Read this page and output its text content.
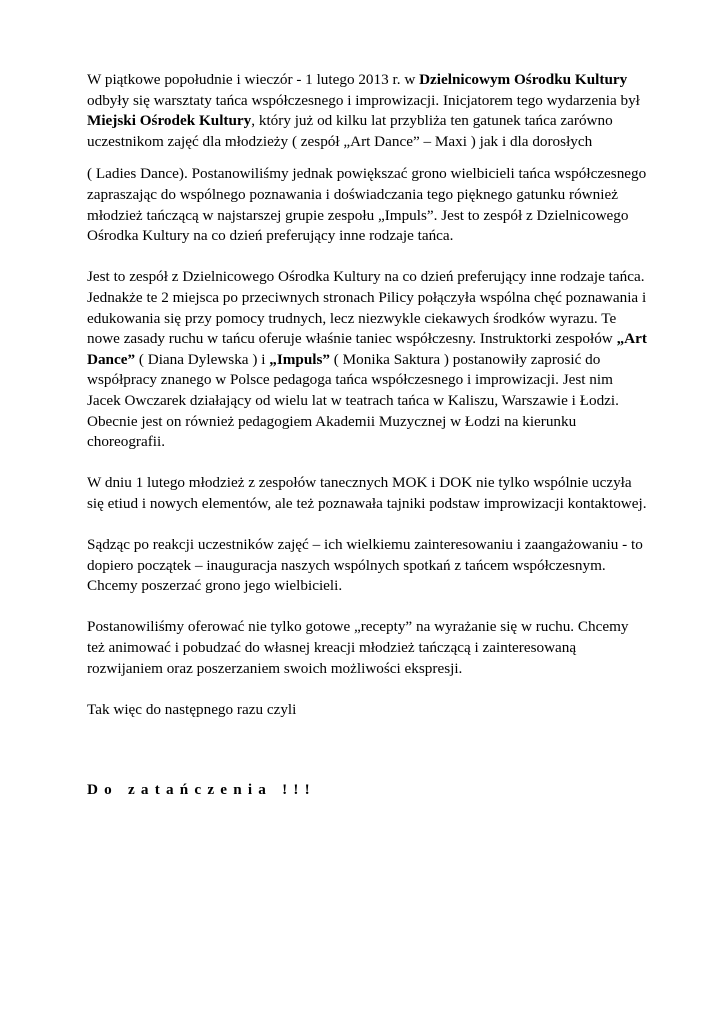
W piątkowe popołudnie i wieczór - 1 lutego 2013 r. w Dzielnicowym Ośrodku Kultury odbyły się warsztaty tańca współczesnego i improwizacji. Inicjatorem tego wydarzenia był Miejski Ośrodek Kultury, który już od kilku lat przybliża ten gatunek tańca zarówno uczestnikom zajęć dla młodzieży ( zespół „Art Dance” – Maxi ) jak i dla dorosłych

( Ladies Dance). Postanowiliśmy jednak powiększać grono wielbicieli tańca współczesnego zapraszając do wspólnego poznawania i doświadczania tego pięknego gatunku również młodzież tańczącą w najstarszej grupie zespołu „Impuls”. Jest to zespół z Dzielnicowego Ośrodka Kultury na co dzień preferujący inne rodzaje tańca.

Jest to zespół z Dzielnicowego Ośrodka Kultury na co dzień preferujący inne rodzaje tańca. Jednakże te 2 miejsca po przeciwnych stronach Pilicy połączyła wspólna chęć poznawania i edukowania się przy pomocy trudnych, lecz niezwykle ciekawych środków wyrazu. Te nowe zasady ruchu w tańcu oferuje właśnie taniec współczesny. Instruktorki zespołów „Art Dance” ( Diana Dylewska ) i „Impuls” ( Monika Saktura ) postanowiły zaprosić do współpracy znanego w Polsce pedagoga tańca współczesnego i improwizacji. Jest nim Jacek Owczarek działający od wielu lat w teatrach tańca w Kaliszu, Warszawie i Łodzi. Obecnie jest on również pedagogiem Akademii Muzycznej w Łodzi na kierunku choreografii.

W dniu 1 lutego młodzież z zespołów tanecznych MOK i DOK nie tylko wspólnie uczyła się etiud i nowych elementów, ale też poznawała tajniki podstaw improwizacji kontaktowej.

Sądząc po reakcji uczestników zajęć – ich wielkiemu zainteresowaniu i zaangażowaniu - to dopiero początek – inauguracja naszych wspólnych spotkań z tańcem współczesnym. Chcemy poszerzać grono jego wielbicieli.

Postanowiliśmy oferować nie tylko gotowe „recepty” na wyrażanie się w ruchu. Chcemy też animować i pobudzać do własnej kreacji młodzież tańczącą i zainteresowaną rozwijaniem oraz poszerzaniem swoich możliwości ekspresji.

Tak więc do następnego razu czyli

Do zatańczenia !!!
